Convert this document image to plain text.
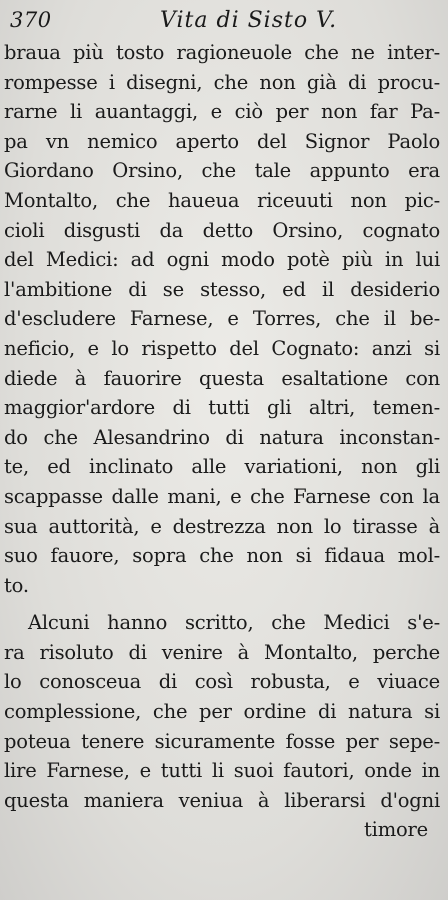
370	Vita di Sisto V.
braua più tosto ragioneuole che ne inter-
rompesse i disegni, che non già di procu-
rarne li auantaggi, e ciò per non far Pa-
pa vn nemico aperto del Signor Paolo
Giordano Orsino, che tale appunto era
Montalto, che haueua riceuuti non pic-
cioli disgusti da detto Orsino, cognato
del Medici: ad ogni modo potè più in lui
l'ambitione di se stesso, ed il desiderio
d'escludere Farnese, e Torres, che il be-
neficio, e lo rispetto del Cognato: anzi si
diede à fauorire questa esaltatione con
maggior'ardore di tutti gli altri, temen-
do che Alesandrino di natura inconstan-
te, ed inclinato alle variationi, non gli
scappasse dalle mani, e che Farnese con la
sua auttorità, e destrezza non lo tirasse à
suo fauore, sopra che non si fidaua mol-
to.
Alcuni hanno scritto, che Medici s'e-
ra risoluto di venire à Montalto, perche
lo conosceua di così robusta, e viuace
complessione, che per ordine di natura si
poteua tenere sicuramente fosse per sepe-
lire Farnese, e tutti li suoi fautori, onde in
questa maniera veniua à liberarsi d'ogni
timore
